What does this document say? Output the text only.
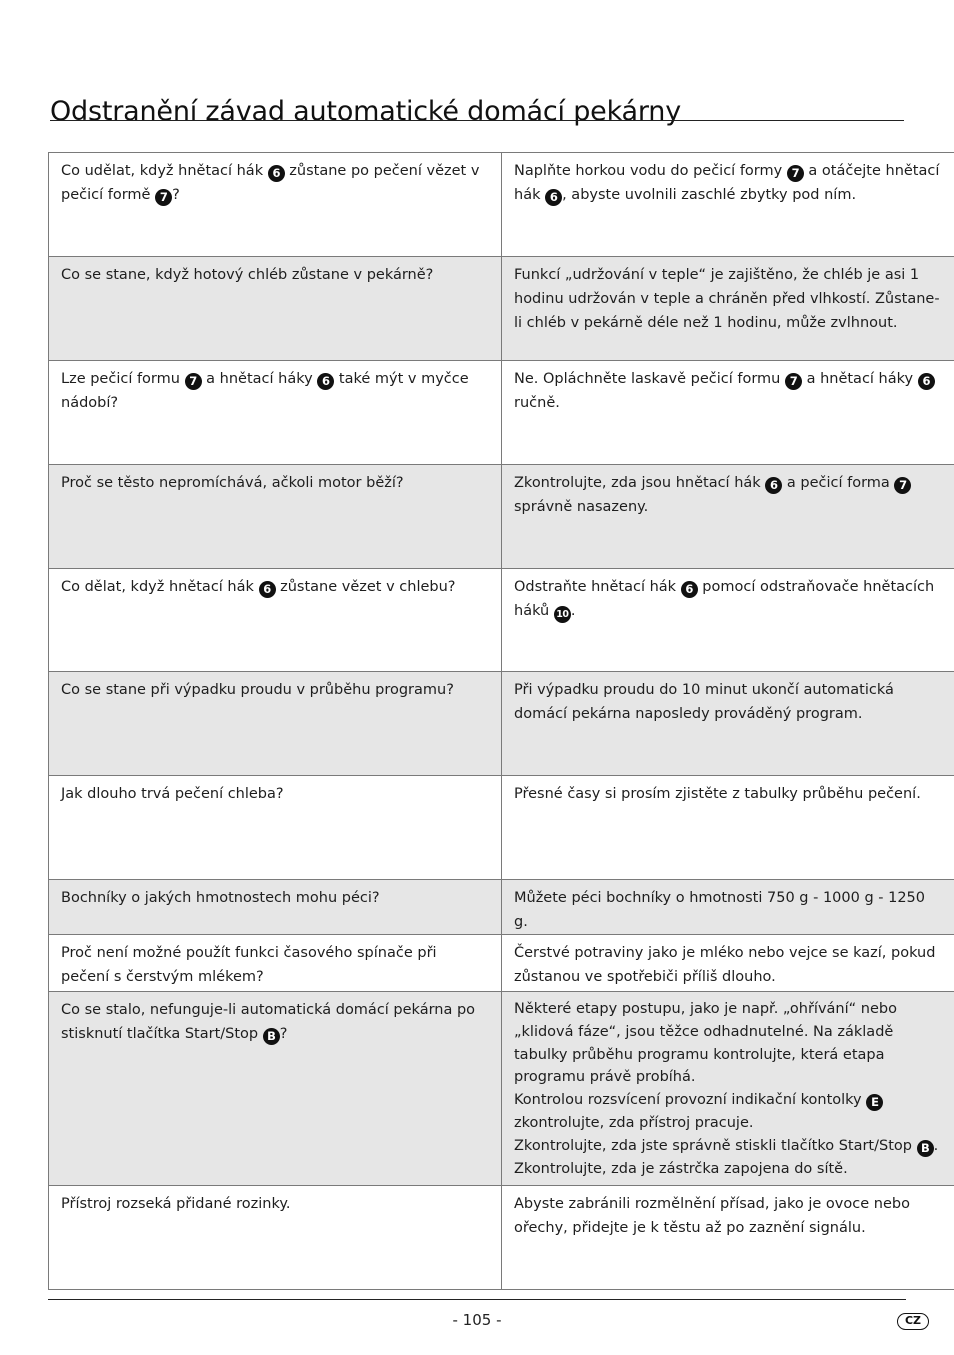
Odstranění závad automatické domácí pekárny
Co udělat, když hnětací hák 6 zůstane po pečení vězet v pečicí formě 7 ?	Naplňte horkou vodu do pečicí formy 7 a otáčejte hnětací hák 6 , abyste uvolnili zaschlé zbytky pod ním.
Co se stane, když hotový chléb zůstane v pekárně?	Funkcí „udržování v teple“ je zajištěno, že chléb je asi 1 hodinu udržován v teple a chráněn před vlhkostí. Zůstane-li chléb v pekárně déle než 1 hodinu, může zvlhnout.
Lze pečicí formu 7 a hnětací háky 6 také mýt v myčce nádobí?	Ne. Opláchněte laskavě pečicí formu 7 a hnětací háky 6 ručně.
Proč se těsto nepromíchává, ačkoli motor běží?	Zkontrolujte, zda jsou hnětací hák 6 a pečicí forma 7 správně nasazeny.
Co dělat, když hnětací hák 6 zůstane vězet v chlebu?	Odstraňte hnětací hák 6 pomocí odstraňovače hnětacích háků 10 .
Co se stane při výpadku proudu v průběhu programu?	Při výpadku proudu do 10 minut ukončí automatická domácí pekárna naposledy prováděný program.
Jak dlouho trvá pečení chleba?	Přesné časy si prosím zjistěte z tabulky průběhu pečení.
Bochníky o jakých hmotnostech mohu péci?	Můžete péci bochníky o hmotnosti 750 g - 1000 g - 1250 g.
Proč není možné použít funkci časového spínače při pečení s čerstvým mlékem?	Čerstvé potraviny jako je mléko nebo vejce se kazí, pokud zůstanou ve spotřebiči příliš dlouho.
Co se stalo, nefunguje-li automatická domácí pekárna po stisknutí tlačítka Start/Stop B ?	Některé etapy postupu, jako je např. „ohřívání“ nebo „klidová fáze“, jsou těžce odhadnutelné. Na základě tabulky průběhu programu kontrolujte, která etapa programu právě probíhá.
Kontrolou rozsvícení provozní indikační kontolky E zkontrolujte, zda přístroj pracuje.
Zkontrolujte, zda jste správně stiskli tlačítko Start/Stop B .
Zkontrolujte, zda je zástrčka zapojena do sítě.
Přístroj rozseká přidané rozinky.	Abyste zabránili rozmělnění přísad, jako je ovoce nebo ořechy, přidejte je k těstu až po zaznění signálu.
- 105 -	CZ
